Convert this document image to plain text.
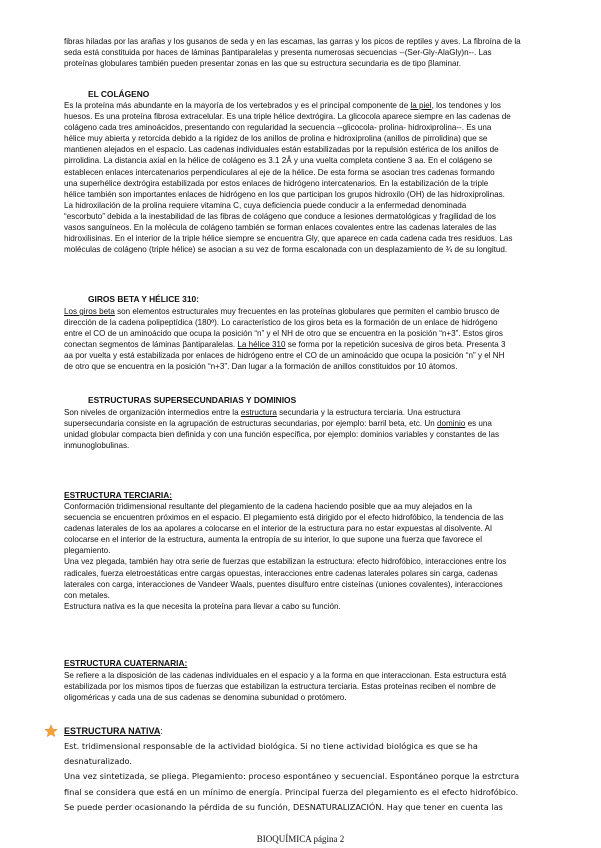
fibras hiladas por las arañas y los gusanos de seda y en las escamas, las garras y los picos de reptiles y aves. La fibroína de la

seda está constituida por haces de láminas βantiparalelas y presenta numerosas secuencias --(Ser-Gly-AlaGly)n--. Las

proteínas globulares también pueden presentar zonas en las que su estructura secundaria es de tipo βlaminar.

EL COLÁGENO

Es la proteína más abundante en la mayoría de los vertebrados y es el principal componente de la piel, los tendones y los

huesos. Es una proteína fibrosa extracelular. Es una triple hélice dextrógira. La glicocola aparece siempre en las cadenas de

colágeno cada tres aminoácidos, presentando con regularidad la secuencia --glicocola- prolina- hidroxiprolina--. Es una

hélice muy abierta y retorcida debido a la rigidez de los anillos de prolina e hidroxiprolina (anillos de pirrolidina) que se

mantienen alejados en el espacio. Las cadenas individuales están estabilizadas por la repulsión estérica de los anillos de

pirrolidina. La distancia axial en la hélice de colágeno es 3.1 2Å y una vuelta completa contiene 3 aa. En el colágeno se

establecen enlaces intercatenarios perpendiculares al eje de la hélice. De esta forma se asocian tres cadenas formando

una superhélice dextrógira estabilizada por estos enlaces de hidrógeno intercatenarios. En la estabilización de la triple

hélice también son importantes enlaces de hidrógeno en los que participan los grupos hidroxilo (OH) de las hidroxiprolinas.

La hidroxilación de la prolina requiere vitamina C, cuya deficiencia puede conducir a la enfermedad denominada

“escorbuto” debida a la inestabilidad de las fibras de colágeno que conduce a lesiones dermatológicas y fragilidad de los

vasos sanguíneos. En la molécula de colágeno también se forman enlaces covalentes entre las cadenas laterales de las

hidroxilisinas. En el interior de la triple hélice siempre se encuentra Gly, que aparece en cada cadena cada tres residuos. Las

moléculas de colágeno (triple hélice) se asocian a su vez de forma escalonada con un desplazamiento de ¾ de su longitud.

GIROS BETA Y HÉLICE 310:

Los giros beta son elementos estructurales muy frecuentes en las proteínas globulares que permiten el cambio brusco de

dirección de la cadena polipeptídica (180º). Lo característico de los giros beta es la formación de un enlace de hidrógeno

entre el CO de un aminoácido que ocupa la posición “n” y el NH de otro que se encuentra en la posición “n+3”. Estos giros

conectan segmentos de láminas βantiparalelas. La hélice 310 se forma por la repetición sucesiva de giros beta. Presenta 3

aa por vuelta y está estabilizada por enlaces de hidrógeno entre el CO de un aminoácido que ocupa la posición “n” y el NH

de otro que se encuentra en la posición “n+3”. Dan lugar a la formación de anillos constituidos por 10 átomos.

ESTRUCTURAS SUPERSECUNDARIAS Y DOMINIOS

Son niveles de organización intermedios entre la estructura secundaria y la estructura terciaria. Una estructura

supersecundaria consiste en la agrupación de estructuras secundarias, por ejemplo: barril beta, etc. Un dominio es una

unidad globular compacta bien definida y con una función específica, por ejemplo: dominios variables y constantes de las

inmunoglobulinas.

ESTRUCTURA TERCIARIA:

Conformación tridimensional resultante del plegamiento de la cadena haciendo posible que aa muy alejados en la

secuencia se encuentren próximos en el espacio. El plegamiento está dirigido por el efecto hidrofóbico, la tendencia de las

cadenas laterales de los aa apolares a colocarse en el interior de la estructura para no estar expuestas al disolvente. Al

colocarse en el interior de la estructura, aumenta la entropía de su interior, lo que supone una fuerza que favorece el

plegamiento.

Una vez plegada, también hay otra serie de fuerzas que estabilizan la estructura: efecto hidrofóbico, interacciones entre los

radicales, fuerza eletroestáticas entre cargas opuestas, interacciones entre cadenas laterales polares sin carga, cadenas

laterales con carga, interacciones de Vandeer Waals, puentes disulfuro entre cisteínas (uniones covalentes), interacciones

con metales.

Estructura nativa es la que necesita la proteína para llevar a cabo su función.

ESTRUCTURA CUATERNARIA:

Se refiere a la disposición de las cadenas individuales en el espacio y a la forma en que interaccionan. Esta estructura está

estabilizada por los mismos tipos de fuerzas que estabilizan la estructura terciaria. Estas proteínas reciben el nombre de

oligoméricas y cada una de sus cadenas se denomina subunidad o protómero.

ESTRUCTURA NATIVA:

Est. tridimensional responsable de la actividad biológica. Si no tiene actividad biológica es que se ha

desnaturalizado.

Una vez sintetizada, se pliega. Plegamiento: proceso espontáneo y secuencial. Espontáneo porque la estrctura

final se considera que está en un mínimo de energía. Principal fuerza del plegamiento es el efecto hidrofóbico.

Se puede perder ocasionando la pérdida de su función, DESNATURALIZACIÓN. Hay que tener en cuenta las

BIOQUÍMICA página 2
